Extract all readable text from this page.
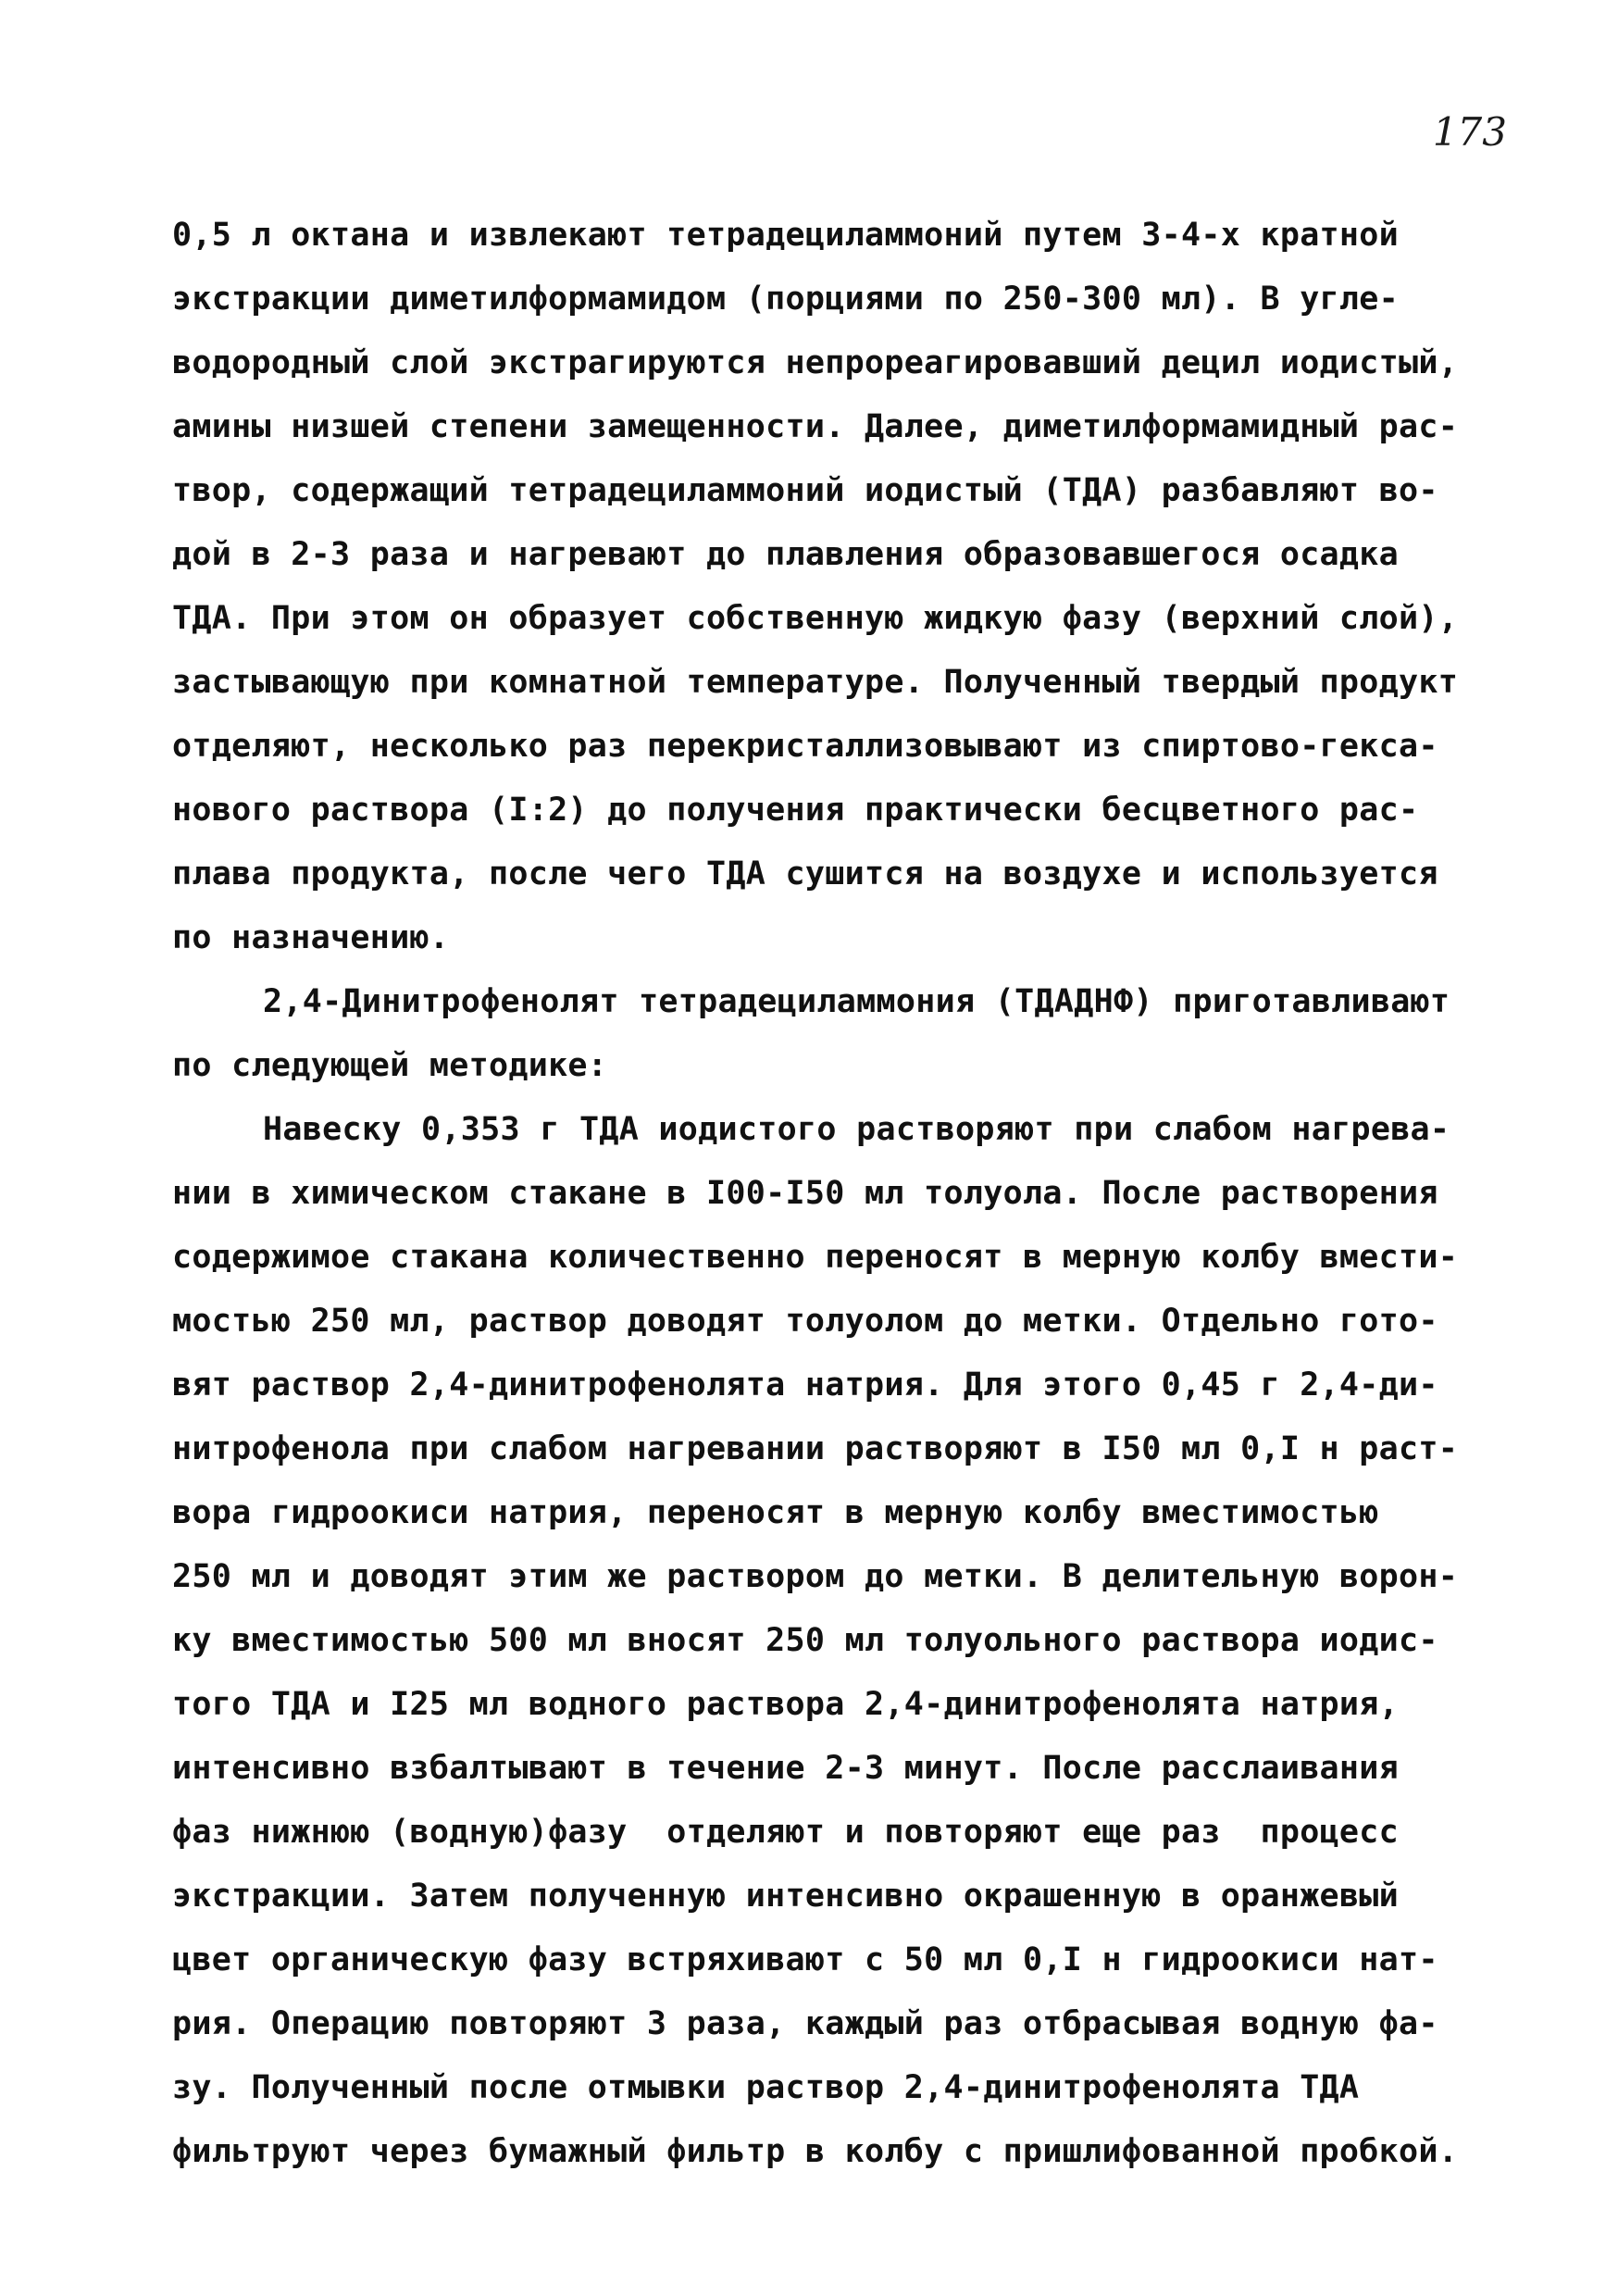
173
0,5 л октана и извлекают тетрадециламмоний путем 3-4-х кратной
экстракции диметилформамидом (порциями по 250-300 мл). В угле-
водородный слой экстрагируются непрореагировавший децил иодистый,
амины низшей степени замещенности. Далее, диметилформамидный рас-
твор, содержащий тетрадециламмоний иодистый (ТДА) разбавляют во-
дой в 2-3 раза и нагревают до плавления образовавшегося осадка
ТДА. При этом он образует собственную жидкую фазу (верхний слой),
застывающую при комнатной температуре. Полученный твердый продукт
отделяют, несколько раз перекристаллизовывают из спиртово-гекса-
нового раствора (I:2) до получения практически бесцветного рас-
плава продукта, после чего ТДА сушится на воздухе и используется
по назначению.
2,4-Динитрофенолят тетрадециламмония (ТДАДНФ) приготавливают
по следующей методике:
Навеску 0,353 г ТДА иодистого растворяют при слабом нагрева-
нии в химическом стакане в I00-I50 мл толуола. После растворения
содержимое стакана количественно переносят в мерную колбу вмести-
мостью 250 мл, раствор доводят толуолом до метки. Отдельно гото-
вят раствор 2,4-динитрофенолята натрия. Для этого 0,45 г 2,4-ди-
нитрофенола при слабом нагревании растворяют в I50 мл 0,I н раст-
вора гидроокиси натрия, переносят в мерную колбу вместимостью
250 мл и доводят этим же раствором до метки. В делительную ворон-
ку вместимостью 500 мл вносят 250 мл толуольного раствора иодис-
того ТДА и I25 мл водного раствора 2,4-динитрофенолята натрия,
интенсивно взбалтывают в течение 2-3 минут. После расслаивания
фаз нижнюю (водную)фазу  отделяют и повторяют еще раз  процесс
экстракции. Затем полученную интенсивно окрашенную в оранжевый
цвет органическую фазу встряхивают с 50 мл 0,I н гидроокиси нат-
рия. Операцию повторяют 3 раза, каждый раз отбрасывая водную фа-
зу. Полученный после отмывки раствор 2,4-динитрофенолята ТДА
фильтруют через бумажный фильтр в колбу с пришлифованной пробкой.
